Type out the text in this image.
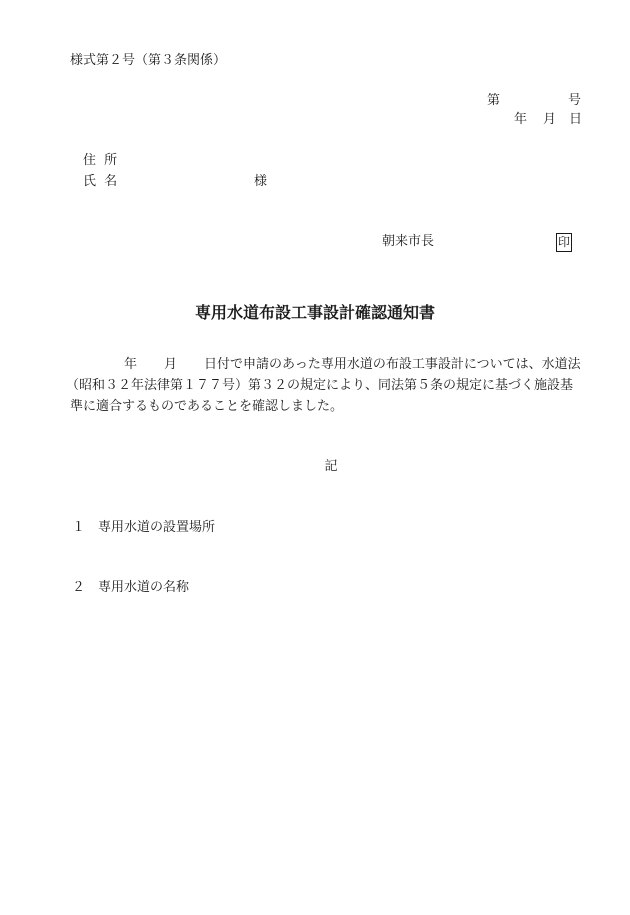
様式第２号（第３条関係）
第	号
年 月 日
住 所
氏 名	様
朝来市長	印
専用水道布設工事設計確認通知書
年 月 日付で申請のあった専用水道の布設工事設計については、水道法
（昭和３２年法律第１７７号）第３２の規定により、同法第５条の規定に基づく施設基
準に適合するものであることを確認しました。
記
１ 専用水道の設置場所
２ 専用水道の名称
